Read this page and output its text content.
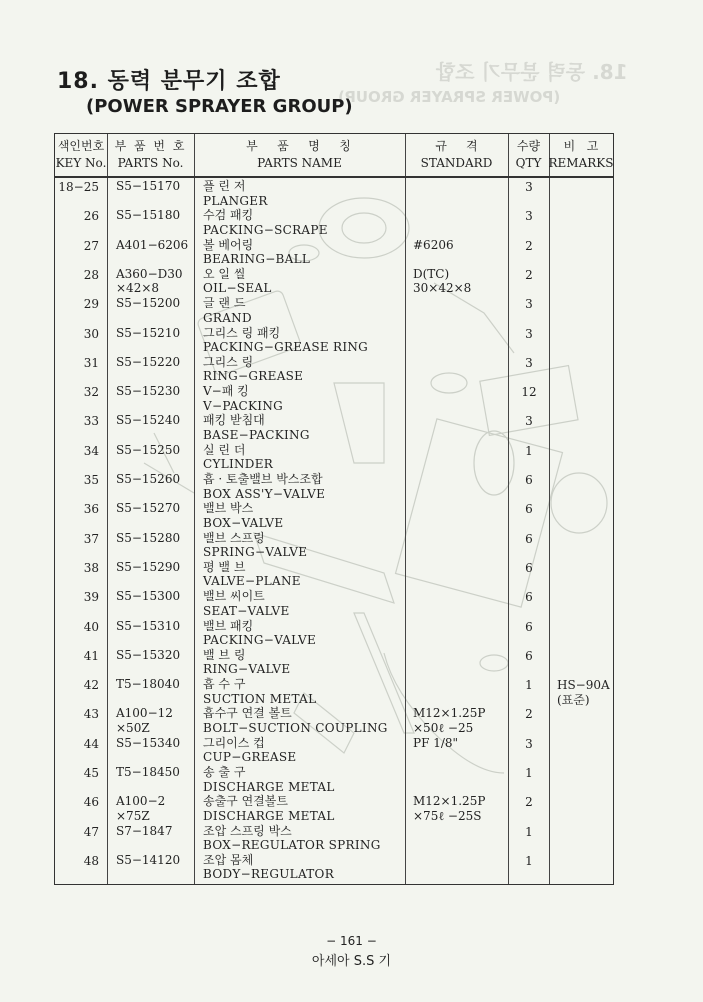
18. 동력 분무기 조합
(POWER SPRAYER GROUP)
18. 동력 분무기 조합
(POWER SPRAYER GROUP)
색인번호
KEY No.
부 품 번 호
PARTS No.
부   품   명   칭
PARTS NAME
규     격
STANDARD
수량
QTY
비   고
REMARKS
18−25 S5−15170	플 린 저
PLANGER
3
26 S5−15180	수검 패킹
PACKING−SCRAPE
3
27 A401−6206	볼 베어링
BEARING−BALL
#6206	2
28 A360−D30
×42×8
오 일 씰
OIL−SEAL
D(TC)
30×42×8
2
29 S5−15200	글 랜 드
GRAND
3
30 S5−15210	그리스 링 패킹
PACKING−GREASE RING
3
31 S5−15220	그리스 링
RING−GREASE
3
32 S5−15230	V−패 킹
V−PACKING
12
33 S5−15240	패킹 받침대
BASE−PACKING
3
34 S5−15250	실 린 더
CYLINDER
1
35 S5−15260	흡 · 토출밸브 박스조합
BOX ASS'Y−VALVE
6
36 S5−15270	밸브 박스
BOX−VALVE
6
37 S5−15280	밸브 스프링
SPRING−VALVE
6
38 S5−15290	평 밸 브
VALVE−PLANE
6
39 S5−15300	밸브 씨이트
SEAT−VALVE
6
40 S5−15310	밸브 패킹
PACKING−VALVE
6
41 S5−15320	밸 브 링
RING−VALVE
6
42 T5−18040	흡 수 구
SUCTION METAL
1	HS−90A
(표준)
43 A100−12
×50Z
흡수구 연결 볼트
BOLT−SUCTION COUPLING
M12×1.25P
×50ℓ −25
2
44 S5−15340	그리이스 컵
CUP−GREASE
PF 1/8"	3
45 T5−18450	송 출 구
DISCHARGE METAL
1
46 A100−2
×75Z
송출구 연결볼트
DISCHARGE METAL
M12×1.25P
×75ℓ −25S
2
47 S7−1847	조압 스프링 박스
BOX−REGULATOR SPRING
1
48 S5−14120	조압 몸체
BODY−REGULATOR
1
− 161 −
아세아 S.S 기
